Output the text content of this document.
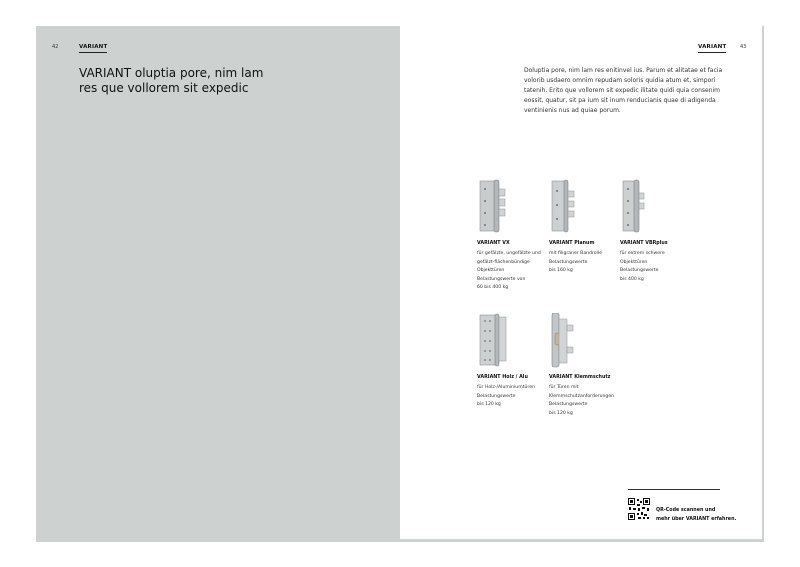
42	VARIANT
VARIANT oluptia pore, nim lam res que vollorem sit expedic
VARIANT	43
Doluptia pore, nim lam res enitinvel ius. Parum et alitatae et facia volorib usdaero omnim repudam soloris quidia atum et, simpori tatenih. Erito que vollorem sit expedic ilitate quidi quia consenim eossit, quatur, sit pa ium sit inum renducianis quae di adigenda ventinienis nus ad quiae porum.
VARIANT VX
für gefälzte, ungefälzte und
gefälzt-flächenbündige
Objekttüren
Belastungswerte von
60 bis 400 kg
VARIANT Planum
mit filigraner Bandrolle
Belastungswerte
bis 160 kg
VARIANT VBRplus
für extrem schwere
Objekttüren
Belastungswerte
bis 400 kg
VARIANT Holz / Alu
für Holz-/Aluminiumtüren
Belastungswerte
bis 120 kg
VARIANT Klemmschutz
für Türen mit
Klemmschutzanforderungen
Belastungswerte
bis 120 kg
QR-Code scannen und
mehr über VARIANT erfahren.
